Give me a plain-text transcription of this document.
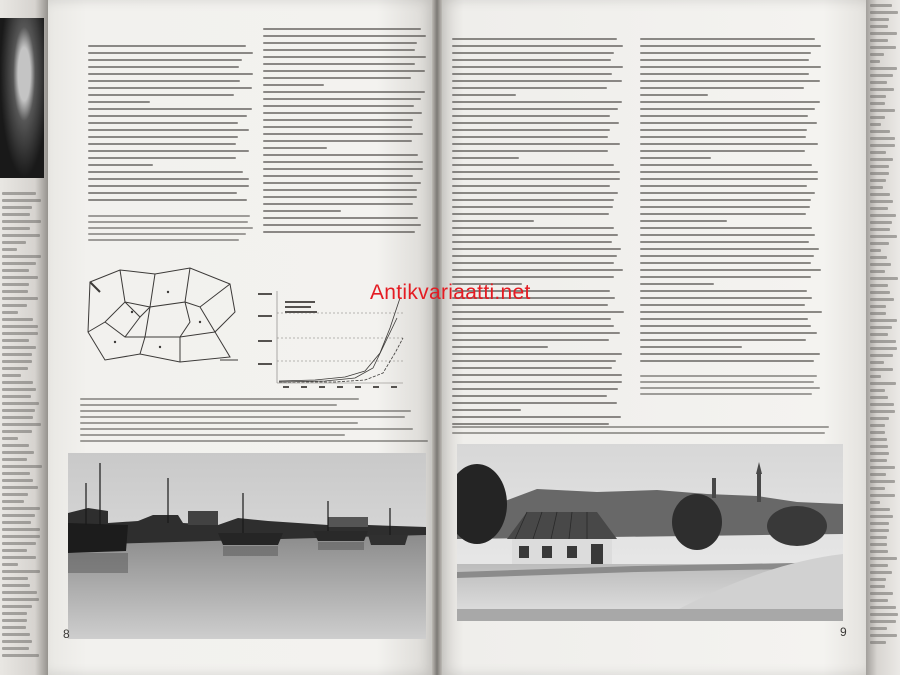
Antikvariaatti.net
8	9
